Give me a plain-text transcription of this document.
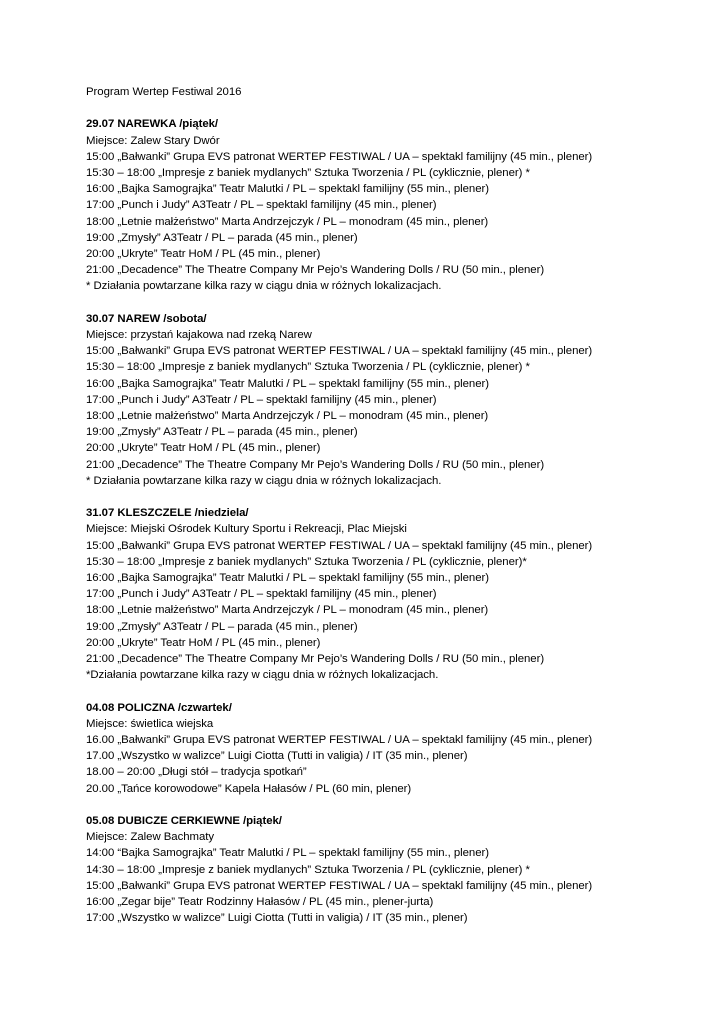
Program Wertep Festiwal 2016
29.07 NAREWKA /piątek/
Miejsce: Zalew Stary Dwór
15:00 „Bałwanki” Grupa EVS patronat WERTEP FESTIWAL / UA – spektakl familijny (45 min., plener)
15:30 – 18:00 „Impresje z baniek mydlanych” Sztuka Tworzenia / PL (cyklicznie, plener) *
16:00 „Bajka Samograjka” Teatr Malutki / PL – spektakl familijny (55 min., plener)
17:00 „Punch i Judy” A3Teatr / PL – spektakl familijny (45 min., plener)
18:00 „Letnie małżeństwo” Marta Andrzejczyk / PL – monodram (45 min., plener)
19:00 „Zmysły” A3Teatr / PL – parada (45 min., plener)
20:00 „Ukryte” Teatr HoM / PL (45 min., plener)
21:00 „Decadence” The Theatre Company Mr Pejo’s Wandering Dolls / RU (50 min., plener)
* Działania powtarzane kilka razy w ciągu dnia w różnych lokalizacjach.
30.07 NAREW /sobota/
Miejsce: przystań kajakowa nad rzeką Narew
15:00 „Bałwanki” Grupa EVS patronat WERTEP FESTIWAL / UA – spektakl familijny (45 min., plener)
15:30 – 18:00 „Impresje z baniek mydlanych” Sztuka Tworzenia / PL (cyklicznie, plener) *
16:00 „Bajka Samograjka” Teatr Malutki / PL – spektakl familijny (55 min., plener)
17:00 „Punch i Judy” A3Teatr / PL – spektakl familijny (45 min., plener)
18:00 „Letnie małżeństwo” Marta Andrzejczyk / PL – monodram (45 min., plener)
19:00 „Zmysły” A3Teatr / PL – parada (45 min., plener)
20:00 „Ukryte” Teatr HoM / PL (45 min., plener)
21:00 „Decadence” The Theatre Company Mr Pejo’s Wandering Dolls / RU (50 min., plener)
* Działania powtarzane kilka razy w ciągu dnia w różnych lokalizacjach.
31.07 KLESZCZELE /niedziela/
Miejsce: Miejski Ośrodek Kultury Sportu i Rekreacji, Plac Miejski
15:00 „Bałwanki” Grupa EVS patronat WERTEP FESTIWAL / UA – spektakl familijny (45 min., plener)
15:30 – 18:00 „Impresje z baniek mydlanych” Sztuka Tworzenia / PL (cyklicznie, plener)*
16:00 „Bajka Samograjka” Teatr Malutki / PL – spektakl familijny (55 min., plener)
17:00 „Punch i Judy” A3Teatr / PL – spektakl familijny (45 min., plener)
18:00 „Letnie małżeństwo” Marta Andrzejczyk / PL – monodram (45 min., plener)
19:00 „Zmysły” A3Teatr / PL – parada (45 min., plener)
20:00 „Ukryte” Teatr HoM / PL (45 min., plener)
21:00 „Decadence” The Theatre Company Mr Pejo’s Wandering Dolls / RU (50 min., plener)
*Działania powtarzane kilka razy w ciągu dnia w różnych lokalizacjach.
04.08 POLICZNA /czwartek/
Miejsce: świetlica wiejska
16.00 „Bałwanki” Grupa EVS patronat WERTEP FESTIWAL / UA – spektakl familijny (45 min., plener)
17.00 „Wszystko w walizce” Luigi Ciotta (Tutti in valigia) / IT (35 min., plener)
18.00 – 20:00 „Długi stół – tradycja spotkań”
20.00 „Tańce korowodowe” Kapela Hałasów / PL (60 min, plener)
05.08 DUBICZE CERKIEWNE /piątek/
Miejsce: Zalew Bachmaty
14:00 “Bajka Samograjka” Teatr Malutki / PL – spektakl familijny (55 min., plener)
14:30 – 18:00 „Impresje z baniek mydlanych” Sztuka Tworzenia / PL (cyklicznie, plener) *
15:00 „Bałwanki” Grupa EVS patronat WERTEP FESTIWAL / UA – spektakl familijny (45 min., plener)
16:00 „Zegar bije” Teatr Rodzinny Hałasów / PL (45 min., plener-jurta)
17:00 „Wszystko w walizce” Luigi Ciotta (Tutti in valigia) / IT (35 min., plener)
